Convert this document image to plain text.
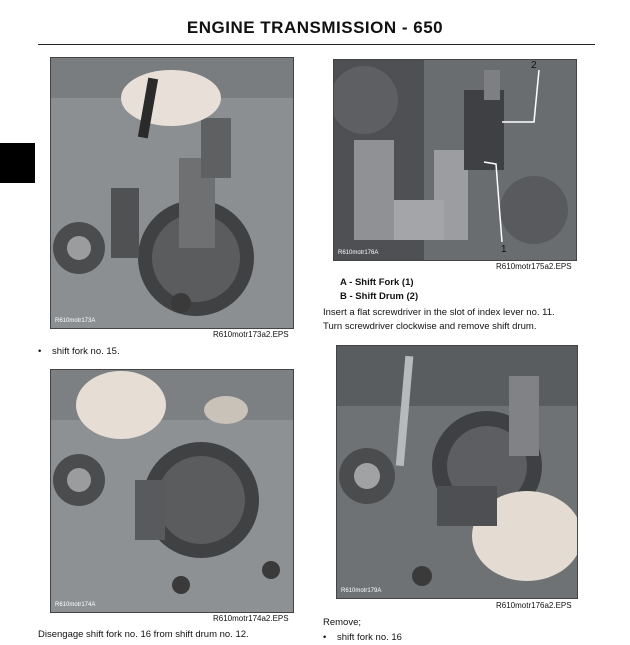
ENGINE TRANSMISSION - 650
R610motr173A
R610motr173a2.EPS
• shift fork no. 15.
R610motr176A
2
1
R610motr175a2.EPS
A - Shift Fork (1)
B - Shift Drum (2)
Insert a flat screwdriver in the slot of index lever no. 11.
Turn screwdriver clockwise and remove shift drum.
R610motr174A
R610motr174a2.EPS
Disengage shift fork no. 16 from shift drum no. 12.
R610motr179A
R610motr176a2.EPS
Remove;
• shift fork no. 16
